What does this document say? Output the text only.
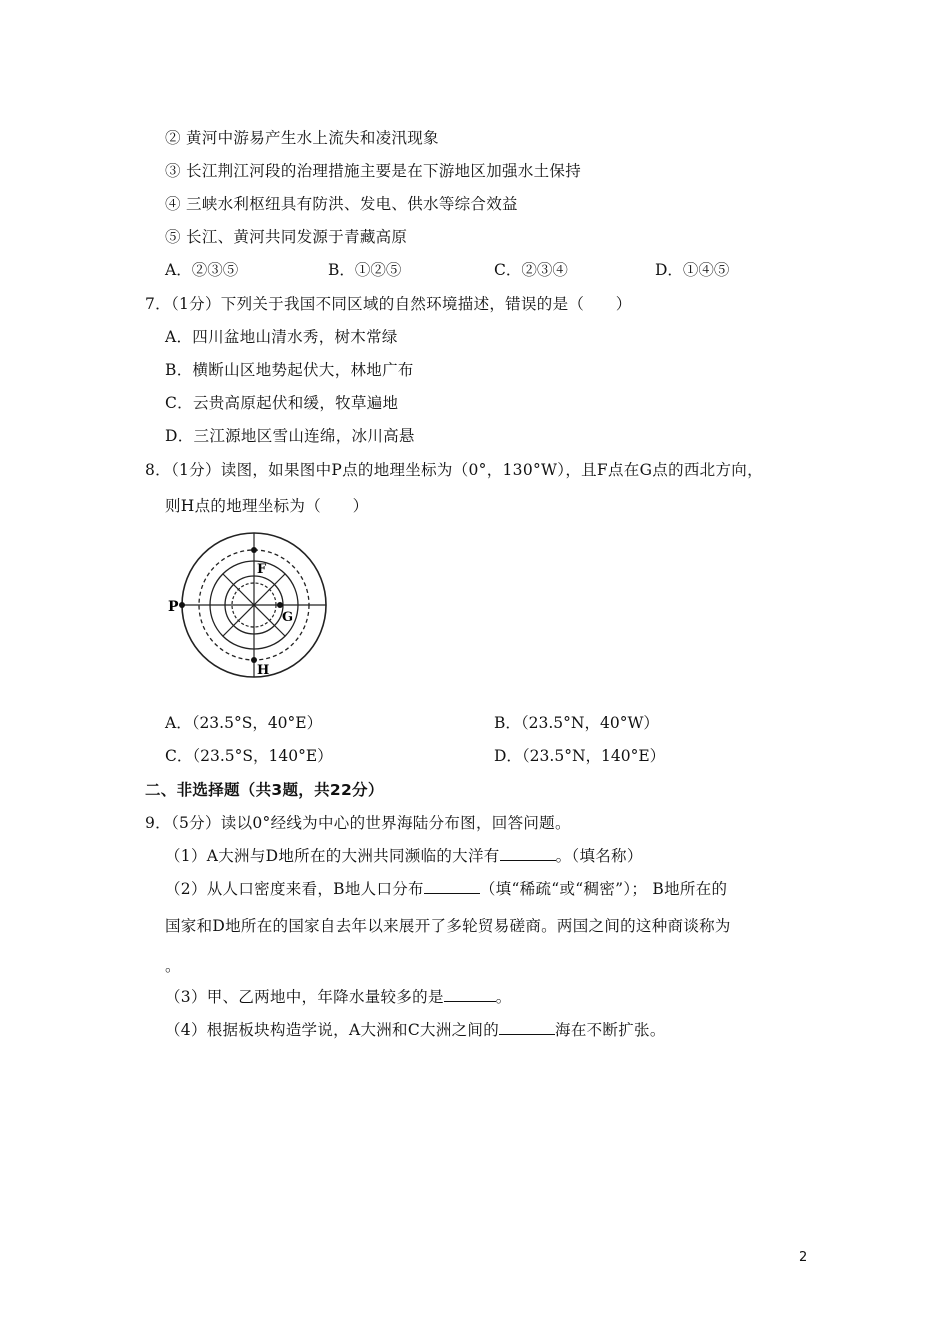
② 黄河中游易产生水上流失和凌汛现象
③ 长江荆江河段的治理措施主要是在下游地区加强水土保持
④ 三峡水利枢纽具有防洪、发电、供水等综合效益
⑤ 长江、黄河共同发源于青藏高原
A．②③⑤	B．①②⑤	C．②③④	D．①④⑤
7．（1分）下列关于我国不同区域的自然环境描述，错误的是（　　）
A．四川盆地山清水秀，树木常绿
B．横断山区地势起伏大，林地广布
C．云贵高原起伏和缓，牧草遍地
D．三江源地区雪山连绵，冰川高悬
8．（1分）读图，如果图中P点的地理坐标为（0°，130°W），且F点在G点的西北方向，
则H点的地理坐标为（　　）
P
F
G
H
A．（23.5°S，40°E）	B．（23.5°N，40°W）
C．（23.5°S，140°E）	D．（23.5°N，140°E）
二、非选择题（共3题，共22分）
9．（5分）读以0°经线为中心的世界海陆分布图，回答问题。
（1）A大洲与D地所在的大洲共同濒临的大洋有	。（填名称）
（2）从人口密度来看，B地人口分布	（填“稀疏“或“稠密”）； B地所在的
国家和D地所在的国家自去年以来展开了多轮贸易磋商。两国之间的这种商谈称为
。
（3）甲、乙两地中，年降水量较多的是	。
（4）根据板块构造学说，A大洲和C大洲之间的	海在不断扩张。
2
